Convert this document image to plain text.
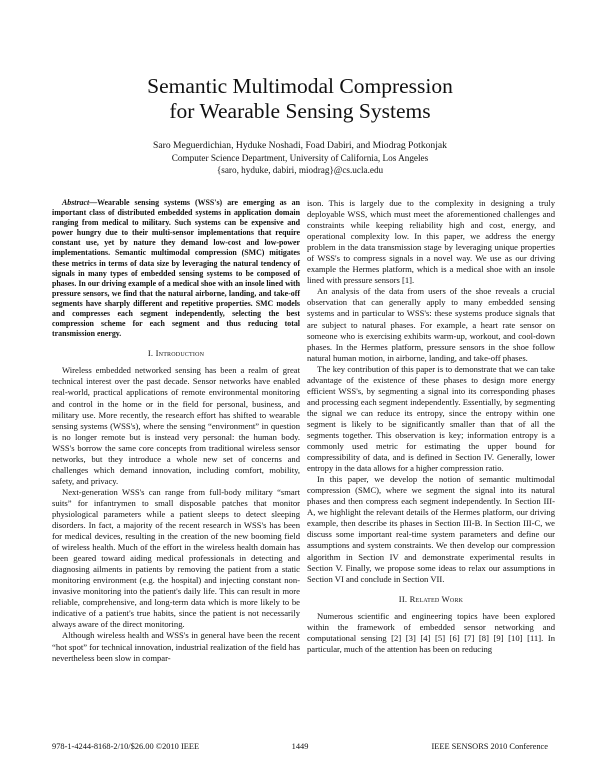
Semantic Multimodal Compression
for Wearable Sensing Systems
Saro Meguerdichian, Hyduke Noshadi, Foad Dabiri, and Miodrag Potkonjak
Computer Science Department, University of California, Los Angeles
{saro, hyduke, dabiri, miodrag}@cs.ucla.edu

Abstract—Wearable sensing systems (WSS's) are emerging as an important class of distributed embedded systems in application domain ranging from medical to military. Such systems can be expensive and power hungry due to their multi-sensor implementations that require constant use, yet by nature they demand low-cost and low-power implementations. Semantic multimodal compression (SMC) mitigates these metrics in terms of data size by leveraging the natural tendency of signals in many types of embedded sensing systems to be composed of phases. In our driving example of a medical shoe with an insole lined with pressure sensors, we find that the natural airborne, landing, and take-off segments have sharply different and repetitive properties. SMC models and compresses each segment independently, selecting the best compression scheme for each segment and thus reducing total transmission energy.

I. Introduction

Wireless embedded networked sensing has been a realm of great technical interest over the past decade. Sensor networks have enabled real-world, practical applications of remote environmental monitoring and control in the home or in the field for personal, business, and military use. More recently, the research effort has shifted to wearable sensing systems (WSS's), where the sensing “environment” in question is no longer remote but is instead very personal: the human body. WSS's borrow the same core concepts from traditional wireless sensor networks, but they introduce a whole new set of concerns and challenges which demand innovation, including comfort, mobility, safety, and privacy.

Next-generation WSS's can range from full-body military “smart suits” for infantrymen to small disposable patches that monitor physiological parameters while a patient sleeps to detect sleeping disorders. In fact, a majority of the recent research in WSS's has been for medical devices, resulting in the creation of the new booming field of wireless health. Much of the effort in the wireless health domain has been geared toward aiding medical professionals in detecting and diagnosing ailments in patients by removing the patient from a static monitoring environment (e.g. the hospital) and injecting constant non-invasive monitoring into the patient's daily life. This can result in more reliable, comprehensive, and long-term data which is more likely to be indicative of a patient's true habits, since the patient is not necessarily always aware of the direct monitoring.

Although wireless health and WSS's in general have been the recent “hot spot” for technical innovation, industrial realization of the field has nevertheless been slow in compar-

ison. This is largely due to the complexity in designing a truly deployable WSS, which must meet the aforementioned challenges and constraints while keeping reliability high and cost, energy, and operational complexity low. In this paper, we address the energy problem in the data transmission stage by leveraging unique properties of WSS's to compress signals in a novel way. We use as our driving example the Hermes platform, which is a medical shoe with an insole lined with pressure sensors [1].

An analysis of the data from users of the shoe reveals a crucial observation that can generally apply to many embedded sensing systems and in particular to WSS's: these systems produce signals that are subject to natural phases. For example, a heart rate sensor on someone who is exercising exhibits warm-up, workout, and cool-down phases. In the Hermes platform, pressure sensors in the shoe follow natural human motion, in airborne, landing, and take-off phases.

The key contribution of this paper is to demonstrate that we can take advantage of the existence of these phases to design more energy efficient WSS's, by segmenting a signal into its corresponding phases and processing each segment independently. Essentially, by segmenting the signal we can reduce its entropy, since the entropy within one segment is likely to be significantly smaller than that of all the segments together. This observation is key; information entropy is a commonly used metric for estimating the upper bound for compressibility of data, and is defined in Section IV. Generally, lower entropy in the data allows for a higher compression ratio.

In this paper, we develop the notion of semantic multimodal compression (SMC), where we segment the signal into its natural phases and then compress each segment independently. In Section III-A, we highlight the relevant details of the Hermes platform, our driving example, then describe its phases in Section III-B. In Section III-C, we discuss some important real-time system parameters and define our assumptions and system constraints. We then develop our compression algorithm in Section IV and demonstrate experimental results in Section V. Finally, we propose some ideas to relax our assumptions in Section VI and conclude in Section VII.

II. Related Work

Numerous scientific and engineering topics have been explored within the framework of embedded sensor networking and computational sensing [2] [3] [4] [5] [6] [7] [8] [9] [10] [11]. In particular, much of the attention has been on reducing

978-1-4244-8168-2/10/$26.00 ©2010 IEEE	1449	IEEE SENSORS 2010 Conference
